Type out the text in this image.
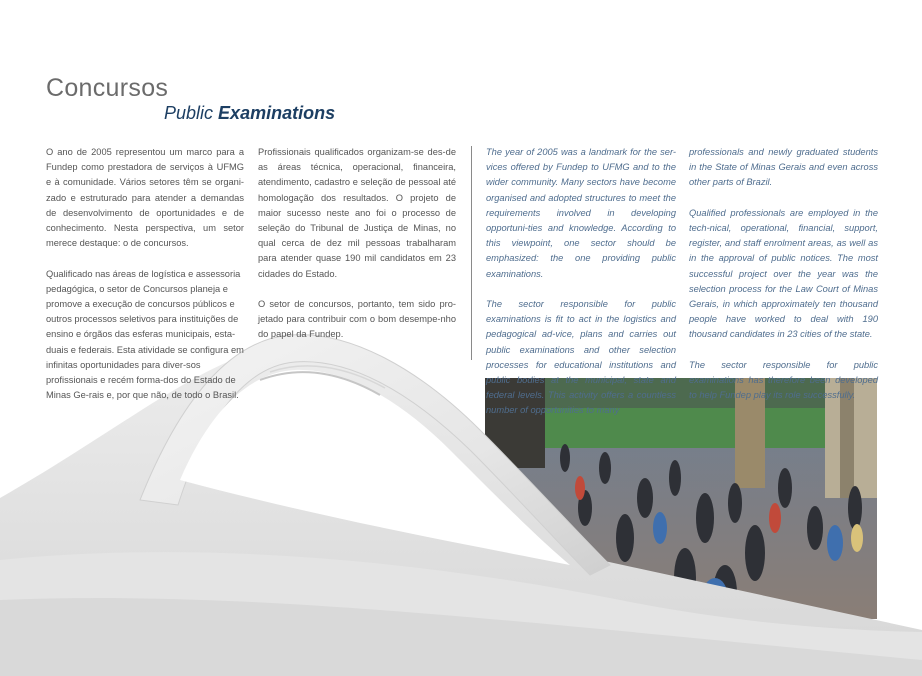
Concursos
Public Examinations

O ano de 2005 representou um marco para a Fundep como prestadora de serviços à UFMG e à comunidade. Vários setores têm se organi-zado e estruturado para atender a demandas de desenvolvimento de oportunidades e de conhecimento. Nesta perspectiva, um setor merece destaque: o de concursos.

Qualificado nas áreas de logística e assessoria pedagógica, o setor de Concursos planeja e promove a execução de concursos públicos e outros processos seletivos para instituições de ensino e órgãos das esferas municipais, esta-duais e federais. Esta atividade se configura em infinitas oportunidades para diver-sos profissionais e recém forma-dos do Estado de Minas Ge-rais e, por que não, de todo o Brasil.

Profissionais qualificados organizam-se des-de as áreas técnica, operacional, financeira, atendimento, cadastro e seleção de pessoal até homologação dos resultados. O projeto de maior sucesso neste ano foi o processo de seleção do Tribunal de Justiça de Minas, no qual cerca de dez mil pessoas trabalharam para atender quase 190 mil candidatos em 23 cidades do Estado.

O setor de concursos, portanto, tem sido pro-jetado para contribuir com o bom desempe-nho do papel da Fundep.

The year of 2005 was a landmark for the ser-vices offered by Fundep to UFMG and to the wider community. Many sectors have become organised and adopted structures to meet the requirements involved in developing opportuni-ties and knowledge. According to this viewpoint, one sector should be emphasized: the one providing public examinations.

The sector responsible for public examinations is fit to act in the logistics and pedagogical ad-vice, plans and carries out public examinations and other selection processes for educational institutions and public bodies at the municipal, state and federal levels. This activity offers a countless number of opportunities to many

professionals and newly graduated students in the State of Minas Gerais and even across other parts of Brazil.

Qualified professionals are employed in the tech-nical, operational, financial, support, register, and staff enrolment areas, as well as in the approval of public notices. The most successful project over the year was the selection process for the Law Court of Minas Gerais, in which approximately ten thousand people have worked to deal with 190 thousand candidates in 23 cities of the state.

The sector responsible for public examinations has therefore been developed to help Fundep play its role successfully.
